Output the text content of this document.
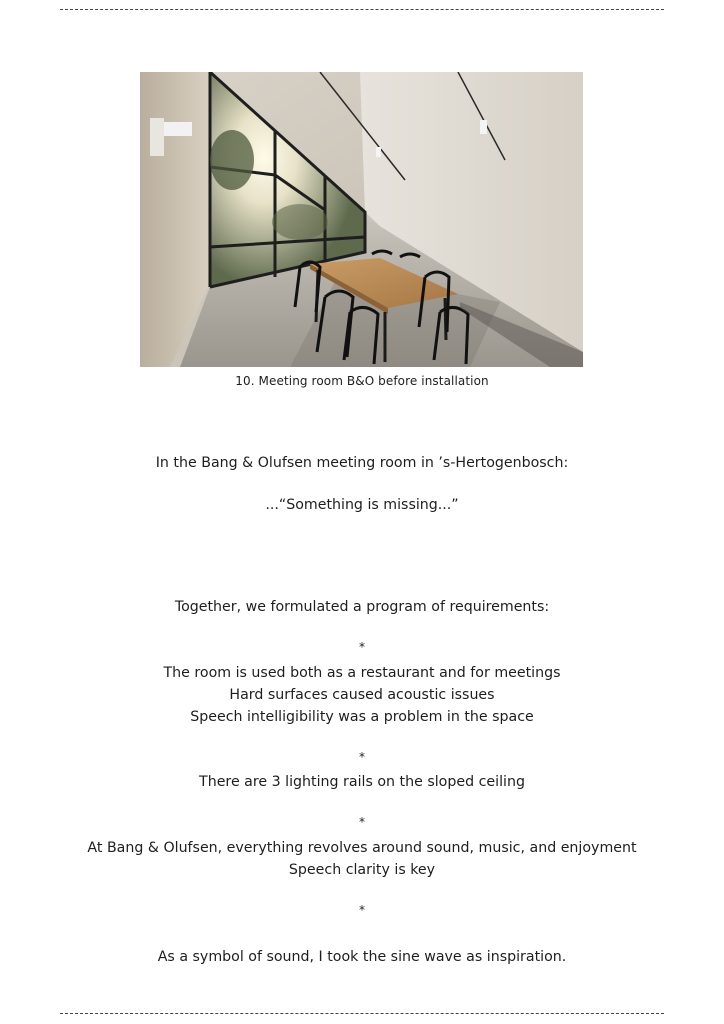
10. Meeting room B&O before installation
In the Bang & Olufsen meeting room in ’s-Hertogenbosch:
...“Something is missing...”
Together, we formulated a program of requirements:
*
The room is used both as a restaurant and for meetings
Hard surfaces caused acoustic issues
Speech intelligibility was a problem in the space
*
There are 3 lighting rails on the sloped ceiling
*
At Bang & Olufsen, everything revolves around sound, music, and enjoyment
Speech clarity is key
*
As a symbol of sound, I took the sine wave as inspiration.
